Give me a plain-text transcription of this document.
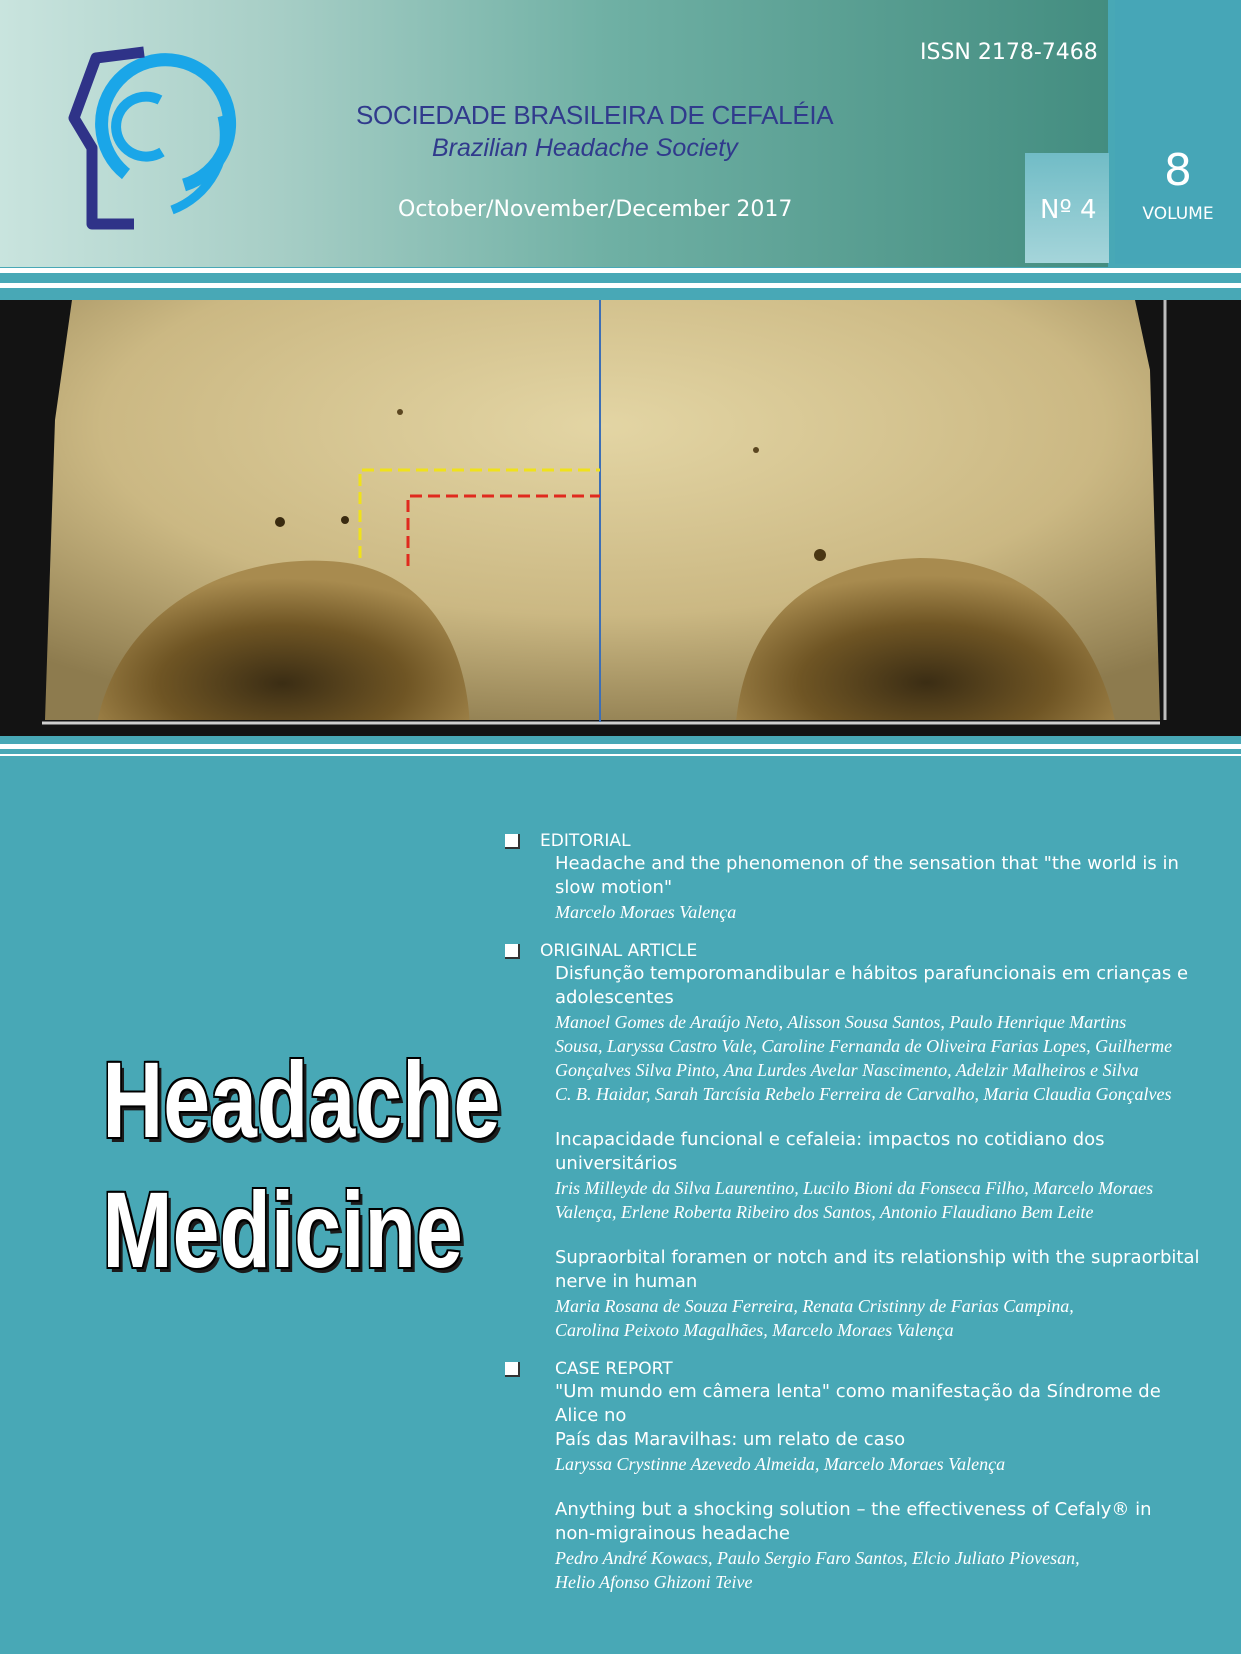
ISSN 2178-7468
SOCIEDADE BRASILEIRA DE CEFALÉIA
Brazilian Headache Society
October/November/December 2017	Nº 4
8
VOLUME
Headache
Medicine
EDITORIAL
Headache and the phenomenon of the sensation that "the world is in
slow motion"
Marcelo Moraes Valença
ORIGINAL ARTICLE
Disfunção temporomandibular e hábitos parafuncionais em crianças e
adolescentes
Manoel Gomes de Araújo Neto, Alisson Sousa Santos, Paulo Henrique Martins
Sousa, Laryssa Castro Vale, Caroline Fernanda de Oliveira Farias Lopes, Guilherme
Gonçalves Silva Pinto, Ana Lurdes Avelar Nascimento, Adelzir Malheiros e Silva
C. B. Haidar, Sarah Tarcísia Rebelo Ferreira de Carvalho, Maria Claudia Gonçalves
Incapacidade funcional e cefaleia: impactos no cotidiano dos universitários
Iris Milleyde da Silva Laurentino, Lucilo Bioni da Fonseca Filho, Marcelo Moraes
Valença, Erlene Roberta Ribeiro dos Santos, Antonio Flaudiano Bem Leite
Supraorbital foramen or notch and its relationship with the supraorbital
nerve in human
Maria Rosana de Souza Ferreira, Renata Cristinny de Farias Campina,
Carolina Peixoto Magalhães, Marcelo Moraes Valença
CASE REPORT
"Um mundo em câmera lenta" como manifestação da Síndrome de Alice no
País das Maravilhas: um relato de caso
Laryssa Crystinne Azevedo Almeida, Marcelo Moraes Valença
Anything but a shocking solution – the effectiveness of Cefaly® in
non-migrainous headache
Pedro André Kowacs, Paulo Sergio Faro Santos, Elcio Juliato Piovesan,
Helio Afonso Ghizoni Teive
